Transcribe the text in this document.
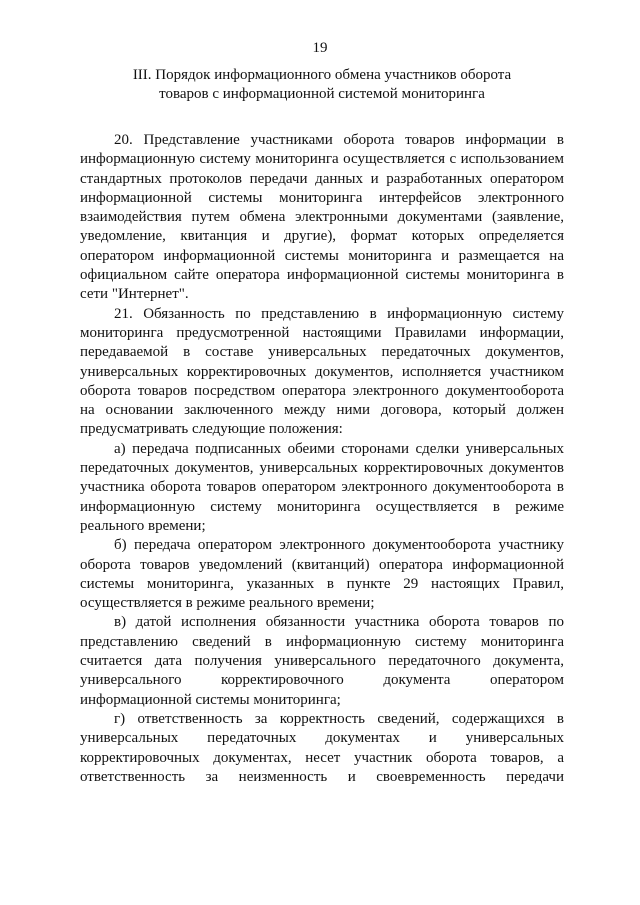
19
III. Порядок информационного обмена участников оборота
товаров с информационной системой мониторинга

20. Представление участниками оборота товаров информации в информационную систему мониторинга осуществляется с использованием стандартных протоколов передачи данных и разработанных оператором информационной системы мониторинга интерфейсов электронного взаимодействия путем обмена электронными документами (заявление, уведомление, квитанция и другие), формат которых определяется оператором информационной системы мониторинга и размещается на официальном сайте оператора информационной системы мониторинга в сети "Интернет".

21. Обязанность по представлению в информационную систему мониторинга предусмотренной настоящими Правилами информации, передаваемой в составе универсальных передаточных документов, универсальных корректировочных документов, исполняется участником оборота товаров посредством оператора электронного документооборота на основании заключенного между ними договора, который должен предусматривать следующие положения:

а) передача подписанных обеими сторонами сделки универсальных передаточных документов, универсальных корректировочных документов участника оборота товаров оператором электронного документооборота в информационную систему мониторинга осуществляется в режиме реального времени;

б) передача оператором электронного документооборота участнику оборота товаров уведомлений (квитанций) оператора информационной системы мониторинга, указанных в пункте 29 настоящих Правил, осуществляется в режиме реального времени;

в) датой исполнения обязанности участника оборота товаров по представлению сведений в информационную систему мониторинга считается дата получения универсального передаточного документа, универсального корректировочного документа оператором информационной системы мониторинга;

г) ответственность за корректность сведений, содержащихся в универсальных передаточных документах и универсальных корректировочных документах, несет участник оборота товаров, а ответственность за неизменность и своевременность передачи
